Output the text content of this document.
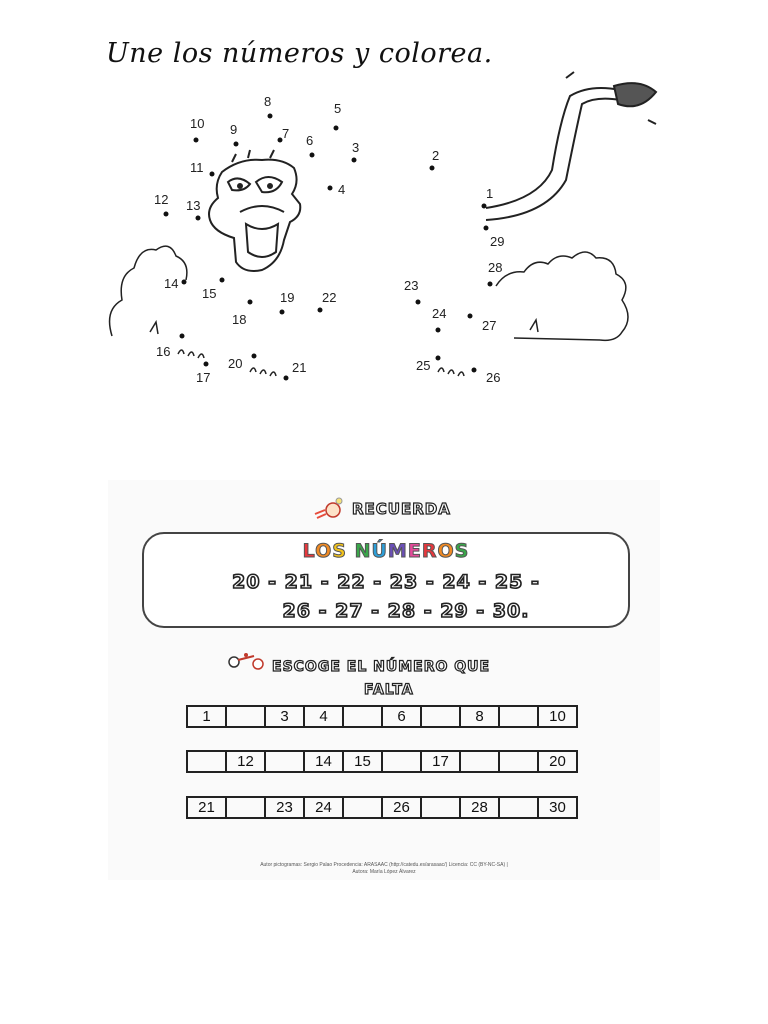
Une los números y colorea.
1
2
3
4
5
6
7
8
9
10
11
12 13
14
15
16
17
18
19
20	21
22
23
24
25
26
27
28
29
RECUERDA
LOS NÚMEROS
20 - 21 - 22 - 23 - 24 - 25 -
26 - 27 - 28 - 29 - 30.
ESCOGE EL NÚMERO QUE
FALTA
1		3	4		6		8		10
	12		14	15		17			20
21		23	24		26		28		30
Autor pictogramas: Sergio Palao Procedencia: ARASAAC (http://catedu.es/arasaac/) Licencia: CC (BY-NC-SA) |
Autora: María López Álvarez
